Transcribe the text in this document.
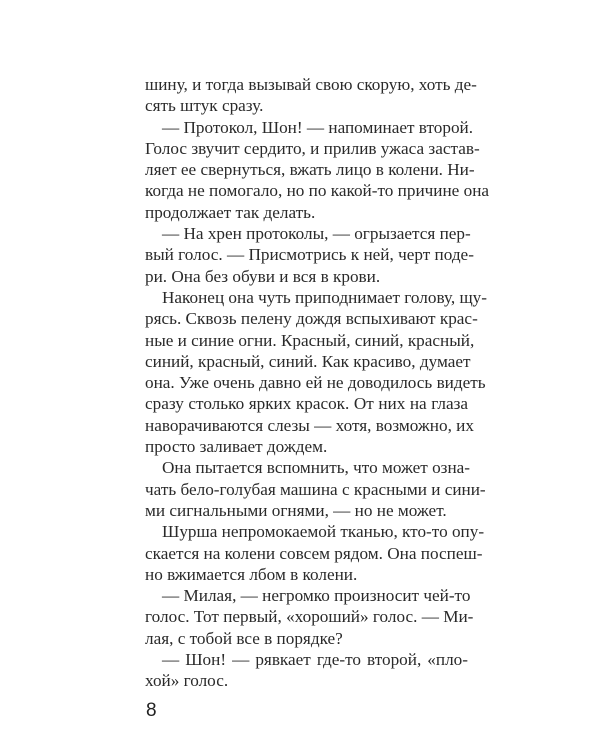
шину, и тогда вызывай свою скорую, хоть де-
сять штук сразу.
— Протокол, Шон! — напоминает второй.
Голос звучит сердито, и прилив ужаса застав-
ляет ее свернуться, вжать лицо в колени. Ни-
когда не помогало, но по какой-то причине она
продолжает так делать.
— На хрен протоколы, — огрызается пер-
вый голос. — Присмотрись к ней, черт подe-
ри. Она без обуви и вся в крови.
Наконец она чуть приподнимает голову, щу-
рясь. Сквозь пелену дождя вспыхивают крас-
ные и синие огни. Красный, синий, красный,
синий, красный, синий. Как красиво, думает
она. Уже очень давно ей не доводилось видеть
сразу столько ярких красок. От них на глаза
наворачиваются слезы — хотя, возможно, их
просто заливает дождем.
Она пытается вспомнить, что может озна-
чать бело-голубая машина с красными и сини-
ми сигнальными огнями, — но не может.
Шурша непромокаемой тканью, кто-то опу-
скается на колени совсем рядом. Она поспеш-
но вжимается лбом в колени.
— Милая, — негромко произносит чей-то
голос. Тот первый, «хороший» голос. — Ми-
лая, с тобой все в порядке?
— Шон! — рявкает где-то второй, «пло-
хой» голос.
8
